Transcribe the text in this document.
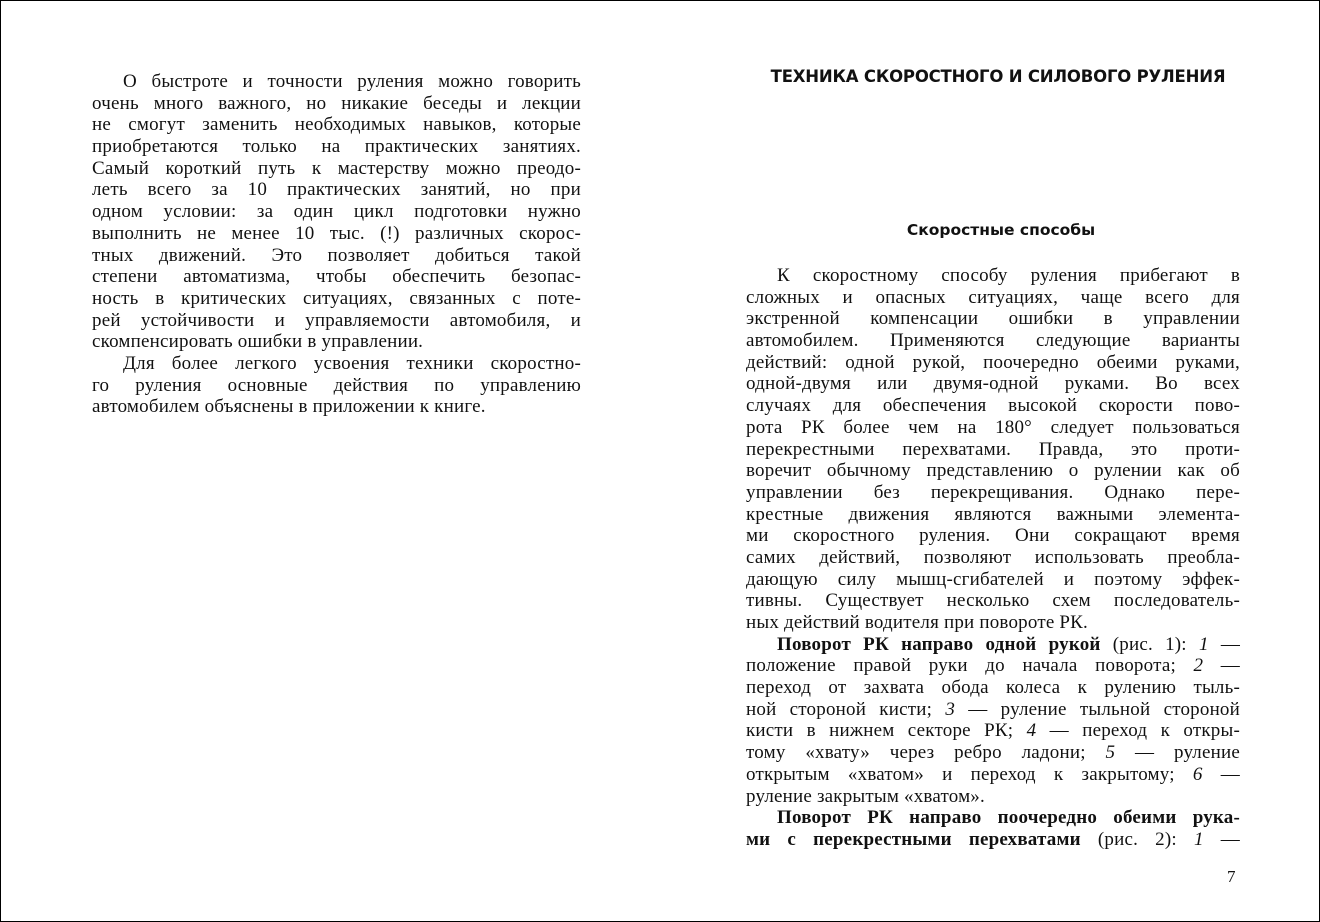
О быстроте и точности руления можно говорить
очень много важного, но никакие беседы и лекции
не смогут заменить необходимых навыков, которые
приобретаются только на практических занятиях.
Самый короткий путь к мастерству можно преодо-
леть всего за 10 практических занятий, но при
одном условии: за один цикл подготовки нужно
выполнить не менее 10 тыс. (!) различных скорос-
тных движений. Это позволяет добиться такой
степени автоматизма, чтобы обеспечить безопас-
ность в критических ситуациях, связанных с поте-
рей устойчивости и управляемости автомобиля, и
скомпенсировать ошибки в управлении.
Для более легкого усвоения техники скоростно-
го руления основные действия по управлению
автомобилем объяснены в приложении к книге.
ТЕХНИКА СКОРОСТНОГО И СИЛОВОГО РУЛЕНИЯ
Скоростные способы
К скоростному способу руления прибегают в
сложных и опасных ситуациях, чаще всего для
экстренной компенсации ошибки в управлении
автомобилем. Применяются следующие варианты
действий: одной рукой, поочередно обеими руками,
одной-двумя или двумя-одной руками. Во всех
случаях для обеспечения высокой скорости пово-
рота РК более чем на 180° следует пользоваться
перекрестными перехватами. Правда, это проти-
воречит обычному представлению о рулении как об
управлении без перекрещивания. Однако пере-
крестные движения являются важными элемента-
ми скоростного руления. Они сокращают время
самих действий, позволяют использовать преобла-
дающую силу мышц-сгибателей и поэтому эффек-
тивны. Существует несколько схем последователь-
ных действий водителя при повороте РК.
Поворот РК направо одной рукой (рис. 1): 1 —
положение правой руки до начала поворота; 2 —
переход от захвата обода колеса к рулению тыль-
ной стороной кисти; 3 — руление тыльной стороной
кисти в нижнем секторе РК; 4 — переход к откры-
тому «хвату» через ребро ладони; 5 — руление
открытым «хватом» и переход к закрытому; 6 —
руление закрытым «хватом».
Поворот РК направо поочередно обеими рука-
ми с перекрестными перехватами (рис. 2): 1 —
7
